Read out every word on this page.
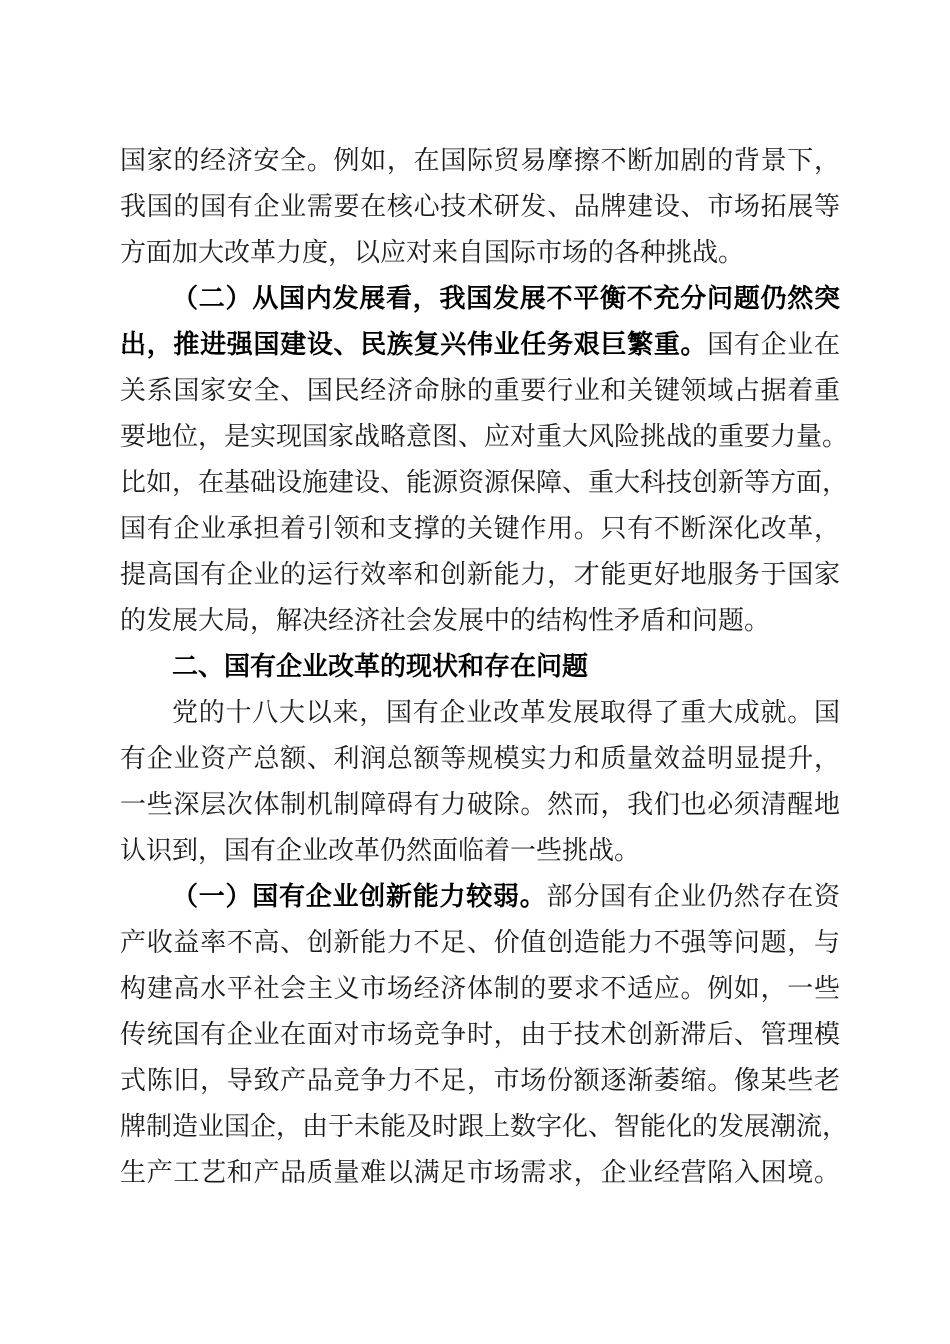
国家的经济安全。例如，在国际贸易摩擦不断加剧的背景下，
我国的国有企业需要在核心技术研发、品牌建设、市场拓展等
方面加大改革力度，以应对来自国际市场的各种挑战。
（二）从国内发展看，我国发展不平衡不充分问题仍然突
出，推进强国建设、民族复兴伟业任务艰巨繁重。国有企业在
关系国家安全、国民经济命脉的重要行业和关键领域占据着重
要地位，是实现国家战略意图、应对重大风险挑战的重要力量。
比如，在基础设施建设、能源资源保障、重大科技创新等方面，
国有企业承担着引领和支撑的关键作用。只有不断深化改革，
提高国有企业的运行效率和创新能力，才能更好地服务于国家
的发展大局，解决经济社会发展中的结构性矛盾和问题。
二、国有企业改革的现状和存在问题
党的十八大以来，国有企业改革发展取得了重大成就。国
有企业资产总额、利润总额等规模实力和质量效益明显提升，
一些深层次体制机制障碍有力破除。然而，我们也必须清醒地
认识到，国有企业改革仍然面临着一些挑战。
（一）国有企业创新能力较弱。部分国有企业仍然存在资
产收益率不高、创新能力不足、价值创造能力不强等问题，与
构建高水平社会主义市场经济体制的要求不适应。例如，一些
传统国有企业在面对市场竞争时，由于技术创新滞后、管理模
式陈旧，导致产品竞争力不足，市场份额逐渐萎缩。像某些老
牌制造业国企，由于未能及时跟上数字化、智能化的发展潮流，
生产工艺和产品质量难以满足市场需求，企业经营陷入困境。
